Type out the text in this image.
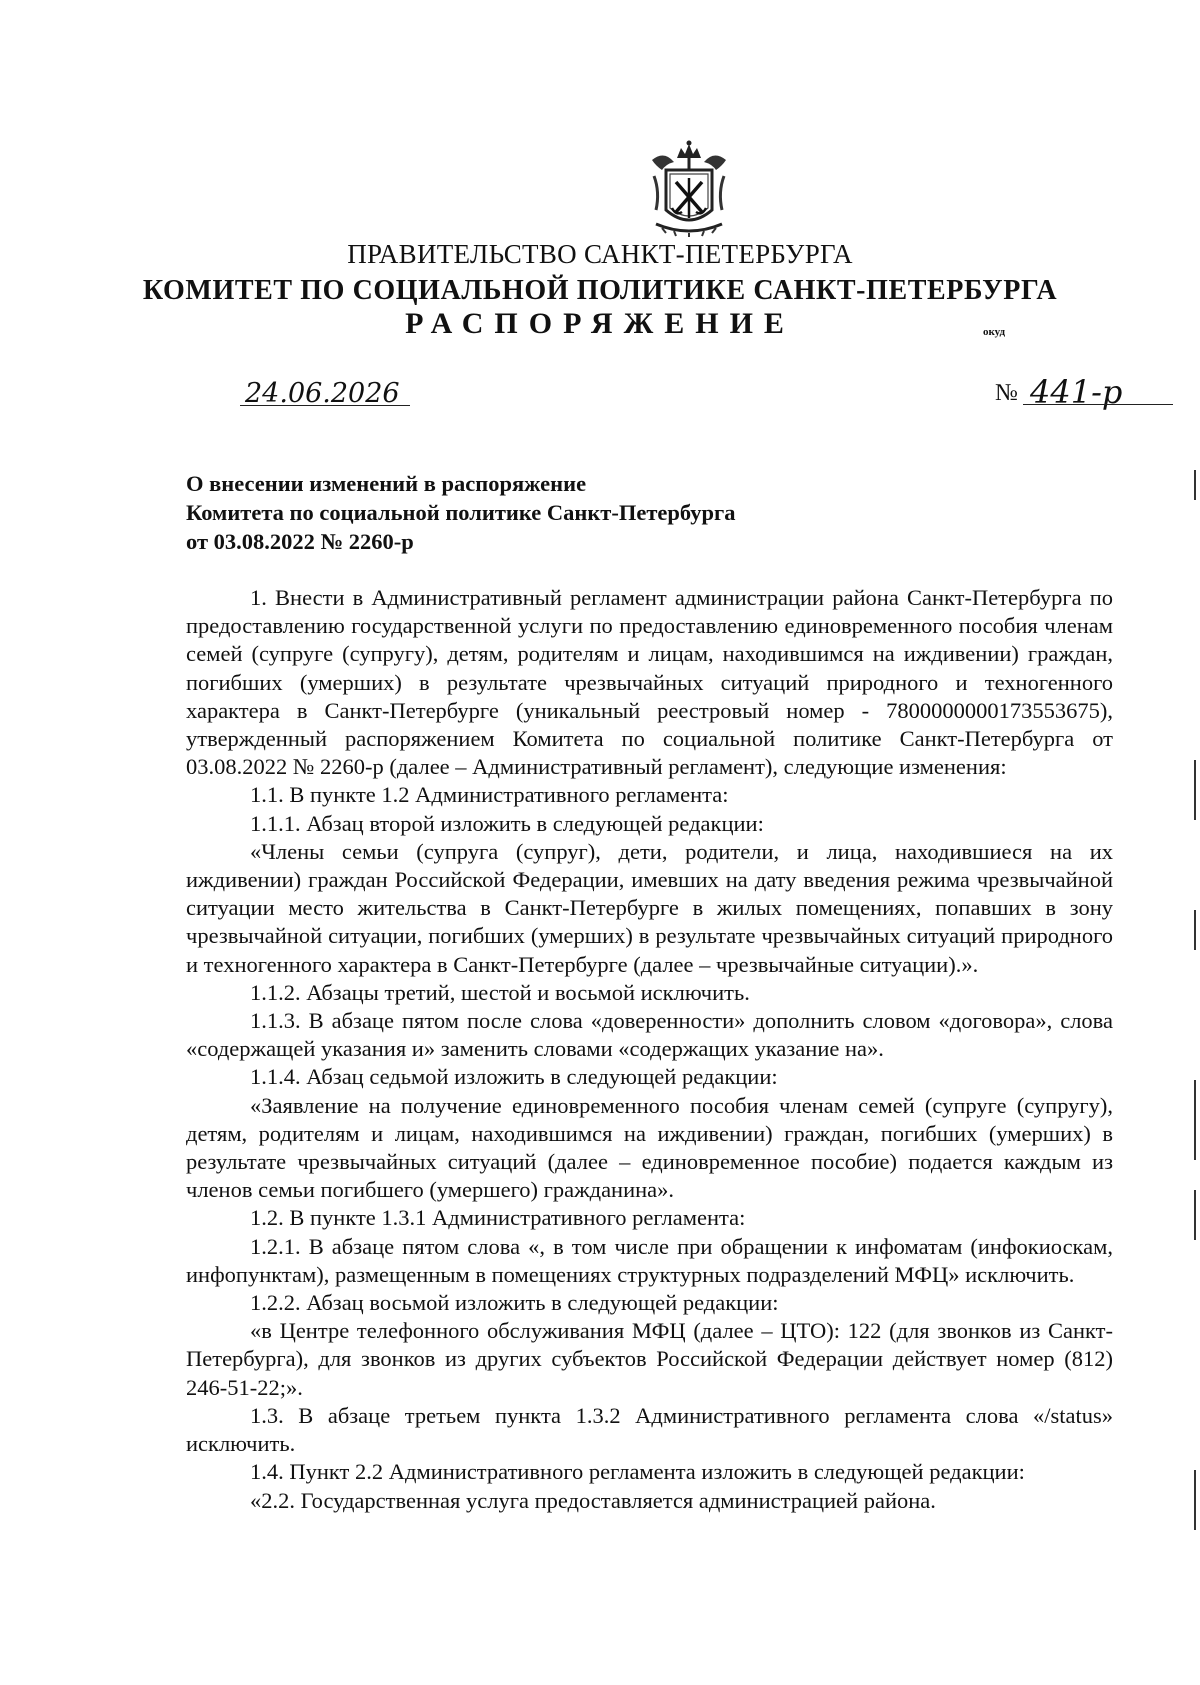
ПРАВИТЕЛЬСТВО САНКТ-ПЕТЕРБУРГА
КОМИТЕТ ПО СОЦИАЛЬНОЙ ПОЛИТИКЕ САНКТ-ПЕТЕРБУРГА
РАСПОРЯЖЕНИЕ	окуд
24.06.2026	№ 441-р
О внесении изменений в распоряжение
Комитета по социальной политике Санкт-Петербурга
от 03.08.2022 № 2260-р

1. Внести в Административный регламент администрации района Санкт-Петербурга по предоставлению государственной услуги по предоставлению единовременного пособия членам семей (супруге (супругу), детям, родителям и лицам, находившимся на иждивении) граждан, погибших (умерших) в результате чрезвычайных ситуаций природного и техногенного характера в Санкт-Петербурге (уникальный реестровый номер - 7800000000173553675), утвержденный распоряжением Комитета по социальной политике Санкт-Петербурга от 03.08.2022 № 2260-р (далее – Административный регламент), следующие изменения:

1.1. В пункте 1.2 Административного регламента:

1.1.1. Абзац второй изложить в следующей редакции:

«Члены семьи (супруга (супруг), дети, родители, и лица, находившиеся на их иждивении) граждан Российской Федерации, имевших на дату введения режима чрезвычайной ситуации место жительства в Санкт-Петербурге в жилых помещениях, попавших в зону чрезвычайной ситуации, погибших (умерших) в результате чрезвычайных ситуаций природного и техногенного характера в Санкт-Петербурге (далее – чрезвычайные ситуации).».

1.1.2. Абзацы третий, шестой и восьмой исключить.

1.1.3. В абзаце пятом после слова «доверенности» дополнить словом «договора», слова «содержащей указания и» заменить словами «содержащих указание на».

1.1.4. Абзац седьмой изложить в следующей редакции:

«Заявление на получение единовременного пособия членам семей (супруге (супругу), детям, родителям и лицам, находившимся на иждивении) граждан, погибших (умерших) в результате чрезвычайных ситуаций (далее – единовременное пособие) подается каждым из членов семьи погибшего (умершего) гражданина».

1.2. В пункте 1.3.1 Административного регламента:

1.2.1. В абзаце пятом слова «, в том числе при обращении к инфоматам (инфокиоскам, инфопунктам), размещенным в помещениях структурных подразделений МФЦ» исключить.

1.2.2. Абзац восьмой изложить в следующей редакции:

«в Центре телефонного обслуживания МФЦ (далее – ЦТО): 122 (для звонков из Санкт-Петербурга), для звонков из других субъектов Российской Федерации действует номер (812) 246-51-22;».

1.3. В абзаце третьем пункта 1.3.2 Административного регламента слова «/status» исключить.

1.4. Пункт 2.2 Административного регламента изложить в следующей редакции:

«2.2. Государственная услуга предоставляется администрацией района.
